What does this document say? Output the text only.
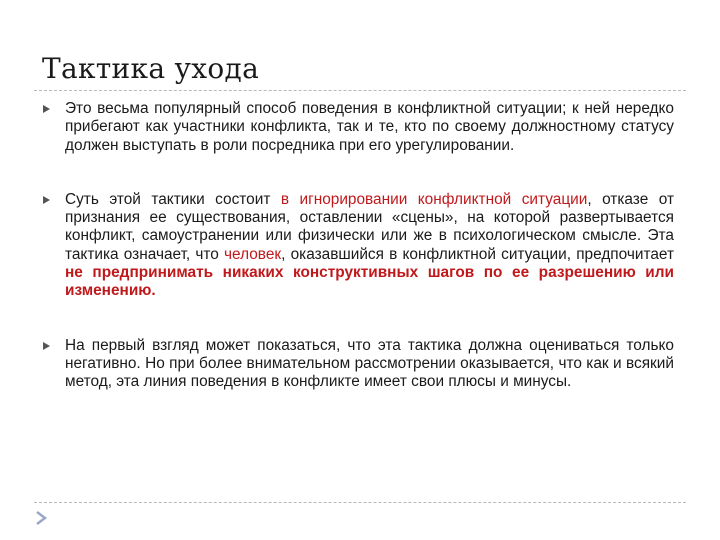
Тактика ухода

Это весьма популярный способ поведения в конфликтной ситуации; к ней нередко прибегают как участники конфликта, так и те, кто по своему должностному статусу должен выступать в роли посредника при его урегулировании.

Суть этой тактики состоит в игнорировании конфликтной ситуации, отказе от признания ее существования, оставлении «сцены», на которой развертывается конфликт, самоустранении или физически или же в психологическом смысле. Эта тактика означает, что человек, оказавшийся в конфликтной ситуации, предпочитает не предпринимать никаких конструктивных шагов по ее разрешению или изменению.

На первый взгляд может показаться, что эта тактика должна оцениваться только негативно. Но при более внимательном рассмотрении оказывается, что как и всякий метод, эта линия поведения в конфликте имеет свои плюсы и минусы.
